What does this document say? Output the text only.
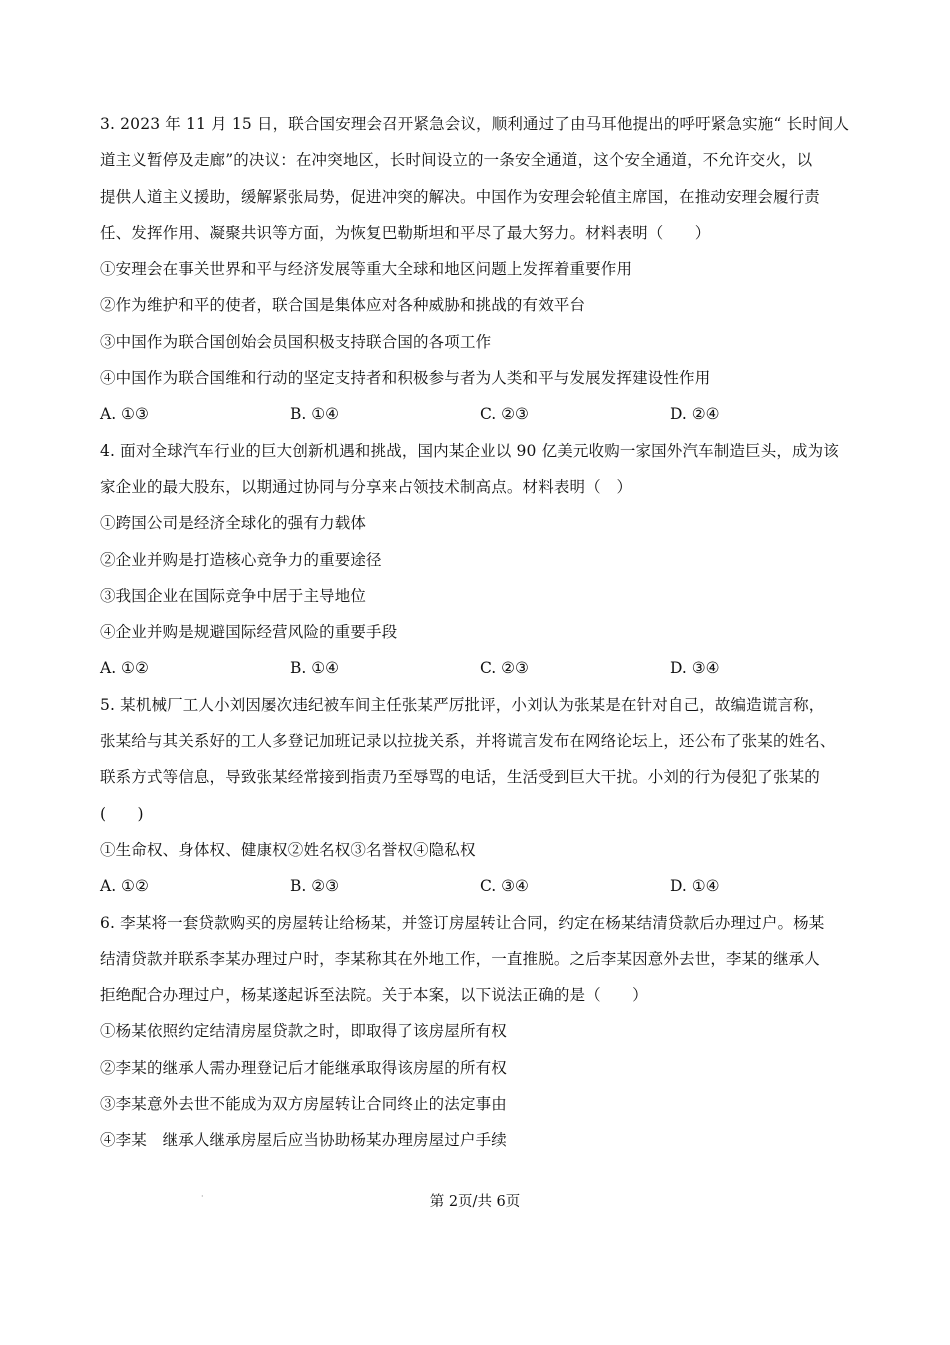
3. 2023 年 11 月 15 日，联合国安理会召开紧急会议，顺利通过了由马耳他提出的呼吁紧急实施“ 长时间人
道主义暂停及走廊”的决议：在冲突地区，长时间设立的一条安全通道，这个安全通道，不允许交火，以
提供人道主义援助，缓解紧张局势，促进冲突的解决。中国作为安理会轮值主席国，在推动安理会履行责
任、发挥作用、凝聚共识等方面，为恢复巴勒斯坦和平尽了最大努力。材料表明（　　）
①安理会在事关世界和平与经济发展等重大全球和地区问题上发挥着重要作用
②作为维护和平的使者，联合国是集体应对各种威胁和挑战的有效平台
③中国作为联合国创始会员国积极支持联合国的各项工作
④中国作为联合国维和行动的坚定支持者和积极参与者为人类和平与发展发挥建设性作用
A. ①③	B. ①④	C. ②③	D. ②④
4. 面对全球汽车行业的巨大创新机遇和挑战，国内某企业以 90 亿美元收购一家国外汽车制造巨头，成为该
家企业的最大股东，以期通过协同与分享来占领技术制高点。材料表明（　）
①跨国公司是经济全球化的强有力载体
②企业并购是打造核心竞争力的重要途径
③我国企业在国际竞争中居于主导地位
④企业并购是规避国际经营风险的重要手段
A. ①②	B. ①④	C. ②③	D. ③④
5. 某机械厂工人小刘因屡次违纪被车间主任张某严厉批评，小刘认为张某是在针对自己，故编造谎言称，
张某给与其关系好的工人多登记加班记录以拉拢关系，并将谎言发布在网络论坛上，还公布了张某的姓名、
联系方式等信息，导致张某经常接到指责乃至辱骂的电话，生活受到巨大干扰。小刘的行为侵犯了张某的
(　　)
①生命权、身体权、健康权②姓名权③名誉权④隐私权
A. ①②	B. ②③	C. ③④	D. ①④
6. 李某将一套贷款购买的房屋转让给杨某，并签订房屋转让合同，约定在杨某结清贷款后办理过户。杨某
结清贷款并联系李某办理过户时，李某称其在外地工作，一直推脱。之后李某因意外去世，李某的继承人
拒绝配合办理过户，杨某遂起诉至法院。关于本案，以下说法正确的是（　　）
①杨某依照约定结清房屋贷款之时，即取得了该房屋所有权
②李某的继承人需办理登记后才能继承取得该房屋的所有权
③李某意外去世不能成为双方房屋转让合同终止的法定事由
④李某　继承人继承房屋后应当协助杨某办理房屋过户手续
·	第 2页/共 6页
